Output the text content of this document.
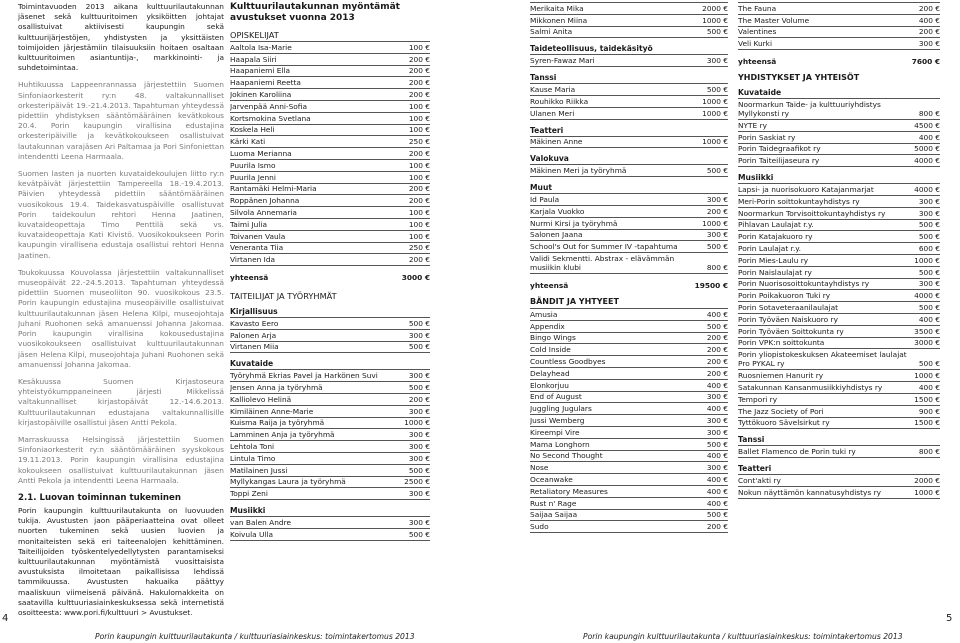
Toimintavuoden 2013 aikana kulttuurilautakunnan jäsenet sekä kulttuuritoimen yksiköitten johtajat osallistuivat aktiivisesti kaupungin sekä kulttuurijärjestöjen, yhdistysten ja yksittäisten toimijoiden järjestämiin tilaisuuksiin hoitaen osaltaan kulttuuritoimen asiantuntija-, markkinointi- ja suhdetoimintaa.
Huhtikuussa Lappeenrannassa järjestettiin Suomen Sinfoniaorkesterit ry:n 48. valtakunnalliset orkesteripäivät 19.-21.4.2013. Tapahtuman yhteydessä pidettiin yhdistyksen sääntömääräinen kevätkokous 20.4. Porin kaupungin virallisina edustajina orkesteripäiville ja kevätkokoukseen osallistuivat lautakunnan varajäsen Ari Paltamaa ja Pori Sinfoniettan intendentti Leena Harmaala.
Suomen lasten ja nuorten kuvataidekoulujen liitto ry:n kevätpäivät järjestettiin Tampereella 18.-19.4.2013. Päivien yhteydessä pidettiin sääntömääräinen vuosikokous 19.4. Taidekasvatuspäiville osallistuvat Porin taidekoulun rehtori Henna Jaatinen, kuvataideopettaja Timo Penttilä sekä vs. kuvataideopettaja Kati Kivistö. Vuosikokoukseen Porin kaupungin virallisena edustaja osallistui rehtori Henna Jaatinen.
Toukokuussa Kouvolassa järjestettiin valtakunnalliset museopäivät 22.-24.5.2013. Tapahtuman yhteydessä pidettiin Suomen museoliiton 90. vuosikokous 23.5. Porin kaupungin edustajina museopäiville osallistuivat kulttuurilautakunnan jäsen Helena Kilpi, museojohtaja Juhani Ruohonen sekä amanuenssi Johanna Jakomaa. Porin kaupungin virallisina kokousedustajina vuosikokoukseen osallistuivat kulttuurilautakunnan jäsen Helena Kilpi, museojohtaja Juhani Ruohonen sekä amanuenssi Johanna Jakomaa.
Kesäkuussa Suomen Kirjastoseura yhteistyökumppaneineen järjesti Mikkelissä valtakunnalliset kirjastopäivät 12.-14.6.2013. Kulttuurilautakunnan edustajana valtakunnallisille kirjastopäiville osallistui jäsen Antti Pekola.
Marraskuussa Helsingissä järjestettiin Suomen Sinfoniaorkesterit ry:n sääntömääräinen syyskokous 19.11.2013. Porin kaupungin virallisina edustajina kokoukseen osallistuivat kulttuurilautakunnan jäsen Antti Pekola ja intendentti Leena Harmaala.
2.1. Luovan toiminnan tukeminen
Porin kaupungin kulttuurilautakunta on luovuuden tukija. Avustusten jaon pääperiaatteina ovat olleet nuorten tukeminen sekä uusien luovien ja monitaiteisten sekä eri taiteenalojen kehittäminen. Taiteilijoiden työskentelyedellytysten parantamiseksi kulttuurilautakunnan myöntämistä vuosittaisista avustuksista ilmoitetaan paikallisissa lehdissä tammikuussa. Avustusten hakuaika päättyy maaliskuun viimeisenä päivänä. Hakulomakkeita on saatavilla kulttuuriasiainkeskuksessa sekä internetistä osoitteesta: www.pori.fi/kulttuuri > Avustukset.
Kulttuurilautakunnan myöntämät avustukset vuonna 2013
OPISKELIJAT
Aaltola Isa-Marie	100 €
Haapala Siiri	200 €
Haapaniemi Ella	200 €
Haapaniemi Reetta	200 €
Jokinen Karoliina	200 €
Jarvenpää Anni-Sofia	100 €
Kortsmokina Svetlana	100 €
Koskela Heli	100 €
Kärki Kati	250 €
Luoma Merianna	200 €
Puurila Ismo	100 €
Puurila Jenni	100 €
Rantamäki Helmi-Maria	200 €
Roppänen Johanna	200 €
Silvola Annemaria	100 €
Taimi Julia	100 €
Toivanen Vaula	100 €
Veneranta Tiia	250 €
Virtanen Ida	200 €
yhteensä	3000 €
TAITEILIJAT JA TYÖRYHMÄT
Kirjallisuus
Kavasto Eero	500 €
Palonen Arja	300 €
Virtanen Miia	500 €
Kuvataide
Työryhmä Ekrias Pavel ja Harkönen Suvi	300 €
Jensen Anna ja työryhmä	500 €
Kalliolevo Helinä	200 €
Kimiläinen Anne-Marie	300 €
Kuisma Raija ja työryhmä	1000 €
Lamminen Anja ja työryhmä	300 €
Lehtola Toni	300 €
Lintula Timo	300 €
Matilainen Jussi	500 €
Myllykangas Laura ja työryhmä	2500 €
Toppi Zeni	300 €
Musiikki
van Balen Andre	300 €
Koivula Ulla	500 €
Merikaita Mika	2000 €
Mikkonen Miina	1000 €
Salmi Anita	500 €
Taideteollisuus, taidekäsityö
Syren-Fawaz Mari	300 €
Tanssi
Kause Maria	500 €
Rouhikko Riikka	1000 €
Ulanen Meri	1000 €
Teatteri
Mäkinen Anne	1000 €
Valokuva
Mäkinen Meri ja työryhmä	500 €
Muut
Id Paula	300 €
Karjala Vuokko	200 €
Nurmi Kirsi ja työryhmä	1000 €
Salonen Jaana	300 €
School's Out for Summer IV -tapahtuma	500 €
Validi Sekmentti. Abstrax - elävämmän musiikin klubi	800 €
yhteensä	19500 €
BÄNDIT JA YHTYEET
Amusia	400 €
Appendix	500 €
Bingo Wings	200 €
Cold Inside	200 €
Countless Goodbyes	200 €
Delayhead	200 €
Elonkorjuu	400 €
End of August	300 €
Juggling Jugulars	400 €
Jussi Wemberg	300 €
Kireempi Vire	300 €
Mama Longhorn	500 €
No Second Thought	400 €
Nose	300 €
Oceanwake	400 €
Retaliatory Measures	400 €
Rust n' Rage	400 €
Saijaa Saijaa	500 €
Sudo	200 €
The Fauna	200 €
The Master Volume	400 €
Valentines	200 €
Veli Kurki	300 €
yhteensä	7600 €
YHDISTYKSET JA YHTEISÖT
Kuvataide
Noormarkun Taide- ja kulttuuriyhdistys Myllykonsti ry	800 €
NYTE ry	4500 €
Porin Saskiat ry	400 €
Porin Taidegraafikot ry	5000 €
Porin Taiteilijaseura ry	4000 €
Musiikki
Lapsi- ja nuorisokuoro Katajanmarjat	4000 €
Meri-Porin soittokuntayhdistys ry	300 €
Noormarkun Torvisoittokuntayhdistys ry	300 €
Pihlavan Laulajat r.y.	500 €
Porin Katajakuoro ry	500 €
Porin Laulajat r.y.	600 €
Porin Mies-Laulu ry	1000 €
Porin Naislaulajat ry	500 €
Porin Nuorisosoittokuntayhdistys ry	300 €
Porin Poikakuoron Tuki ry	4000 €
Porin Sotaveteraanilaulajat	500 €
Porin Työväen Naiskuoro ry	400 €
Porin Työväen Soittokunta ry	3500 €
Porin VPK:n soittokunta	3000 €
Porin yliopistokeskuksen Akateemiset laulajat Pro PYKAL ry	500 €
Ruosniemen Hanurit ry	1000 €
Satakunnan Kansanmusiikkiyhdistys ry	400 €
Tempori ry	1500 €
The Jazz Society of Pori	900 €
Tyttökuoro Sävelsirkut ry	1500 €
Tanssi
Ballet Flamenco de Porin tuki ry	800 €
Teatteri
Cont'akti ry	2000 €
Nokun näyttämön kannatusyhdistys ry	1000 €
Porin kaupungin kulttuurilautakunta / kulttuuriasiainkeskus: toimintakertomus 2013	Porin kaupungin kulttuurilautakunta / kulttuuriasiainkeskus: toimintakertomus 2013
4	5
